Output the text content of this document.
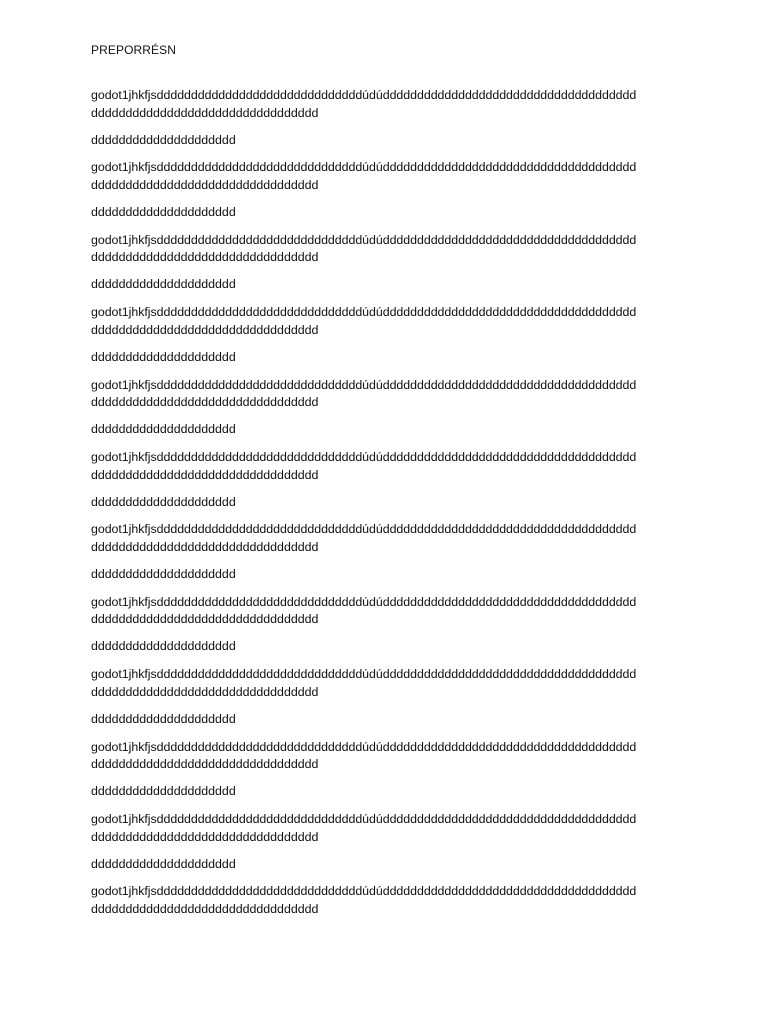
PREPORRÉSN
godot1jhkfjsddddddddddddddddddddddddddddddúdúddddddddddddddddddddddddddddddddddddd
ddddddddddddddddddddddddddddddddd
ddddddddddddddddddddd
godot1jhkfjsddddddddddddddddddddddddddddddúdúddddddddddddddddddddddddddddddddddddd
ddddddddddddddddddddddddddddddddd
ddddddddddddddddddddd
godot1jhkfjsddddddddddddddddddddddddddddddúdúddddddddddddddddddddddddddddddddddddd
ddddddddddddddddddddddddddddddddd
ddddddddddddddddddddd
godot1jhkfjsddddddddddddddddddddddddddddddúdúddddddddddddddddddddddddddddddddddddd
ddddddddddddddddddddddddddddddddd
ddddddddddddddddddddd
godot1jhkfjsddddddddddddddddddddddddddddddúdúddddddddddddddddddddddddddddddddddddd
ddddddddddddddddddddddddddddddddd
ddddddddddddddddddddd
godot1jhkfjsddddddddddddddddddddddddddddddúdúddddddddddddddddddddddddddddddddddddd
ddddddddddddddddddddddddddddddddd
ddddddddddddddddddddd
godot1jhkfjsddddddddddddddddddddddddddddddúdúddddddddddddddddddddddddddddddddddddd
ddddddddddddddddddddddddddddddddd
ddddddddddddddddddddd
godot1jhkfjsddddddddddddddddddddddddddddddúdúddddddddddddddddddddddddddddddddddddd
ddddddddddddddddddddddddddddddddd
ddddddddddddddddddddd
godot1jhkfjsddddddddddddddddddddddddddddddúdúddddddddddddddddddddddddddddddddddddd
ddddddddddddddddddddddddddddddddd
ddddddddddddddddddddd
godot1jhkfjsddddddddddddddddddddddddddddddúdúddddddddddddddddddddddddddddddddddddd
ddddddddddddddddddddddddddddddddd
ddddddddddddddddddddd
godot1jhkfjsddddddddddddddddddddddddddddddúdúddddddddddddddddddddddddddddddddddddd
ddddddddddddddddddddddddddddddddd
ddddddddddddddddddddd
godot1jhkfjsddddddddddddddddddddddddddddddúdúddddddddddddddddddddddddddddddddddddd
ddddddddddddddddddddddddddddddddd
